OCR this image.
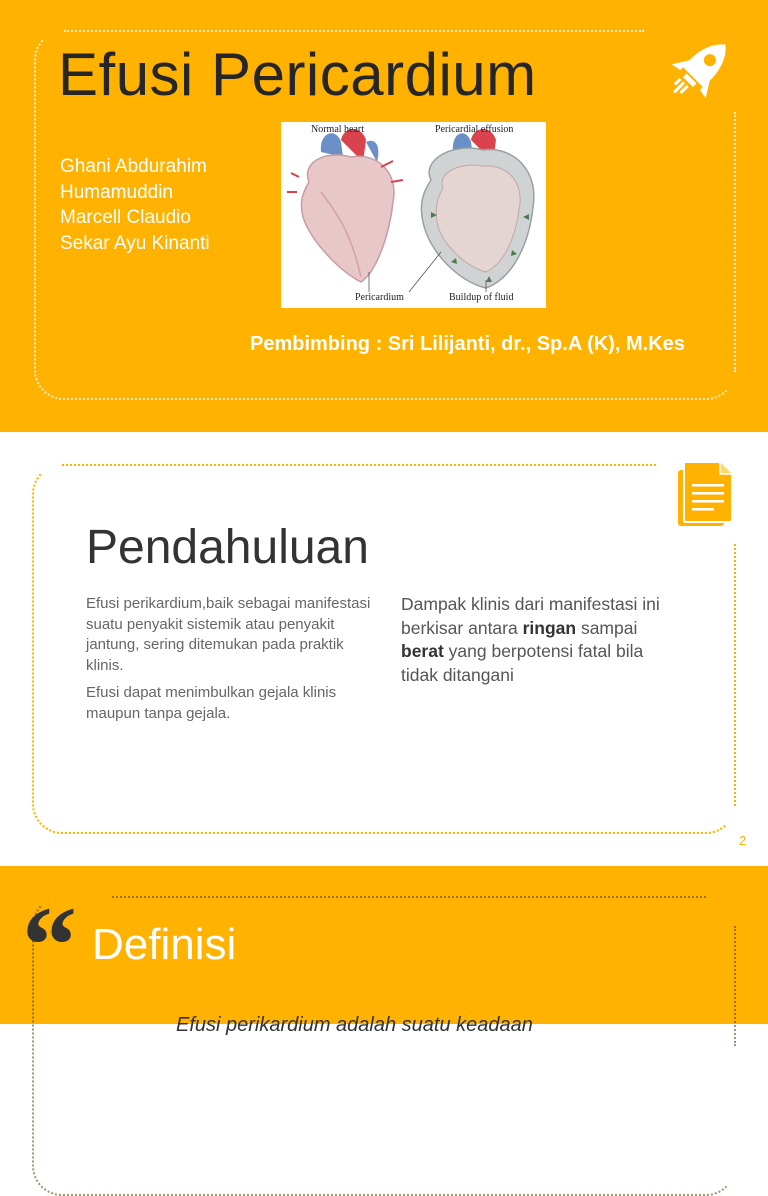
Efusi Pericardium
Ghani Abdurahim
Humamuddin
Marcell Claudio
Sekar Ayu Kinanti
Normal heart	Pericardial effusion
Pericardium	Buildup of fluid
Pembimbing : Sri Lilijanti, dr., Sp.A (K), M.Kes
Pendahuluan

Efusi perikardium,baik sebagai manifestasi suatu penyakit sistemik atau penyakit jantung, sering ditemukan pada praktik klinis.

Efusi dapat menimbulkan gejala klinis maupun tanpa gejala.

Dampak klinis dari manifestasi ini berkisar antara ringan sampai berat yang berpotensi fatal bila tidak ditangani
2
“ Definisi
Efusi perikardium adalah suatu keadaan
